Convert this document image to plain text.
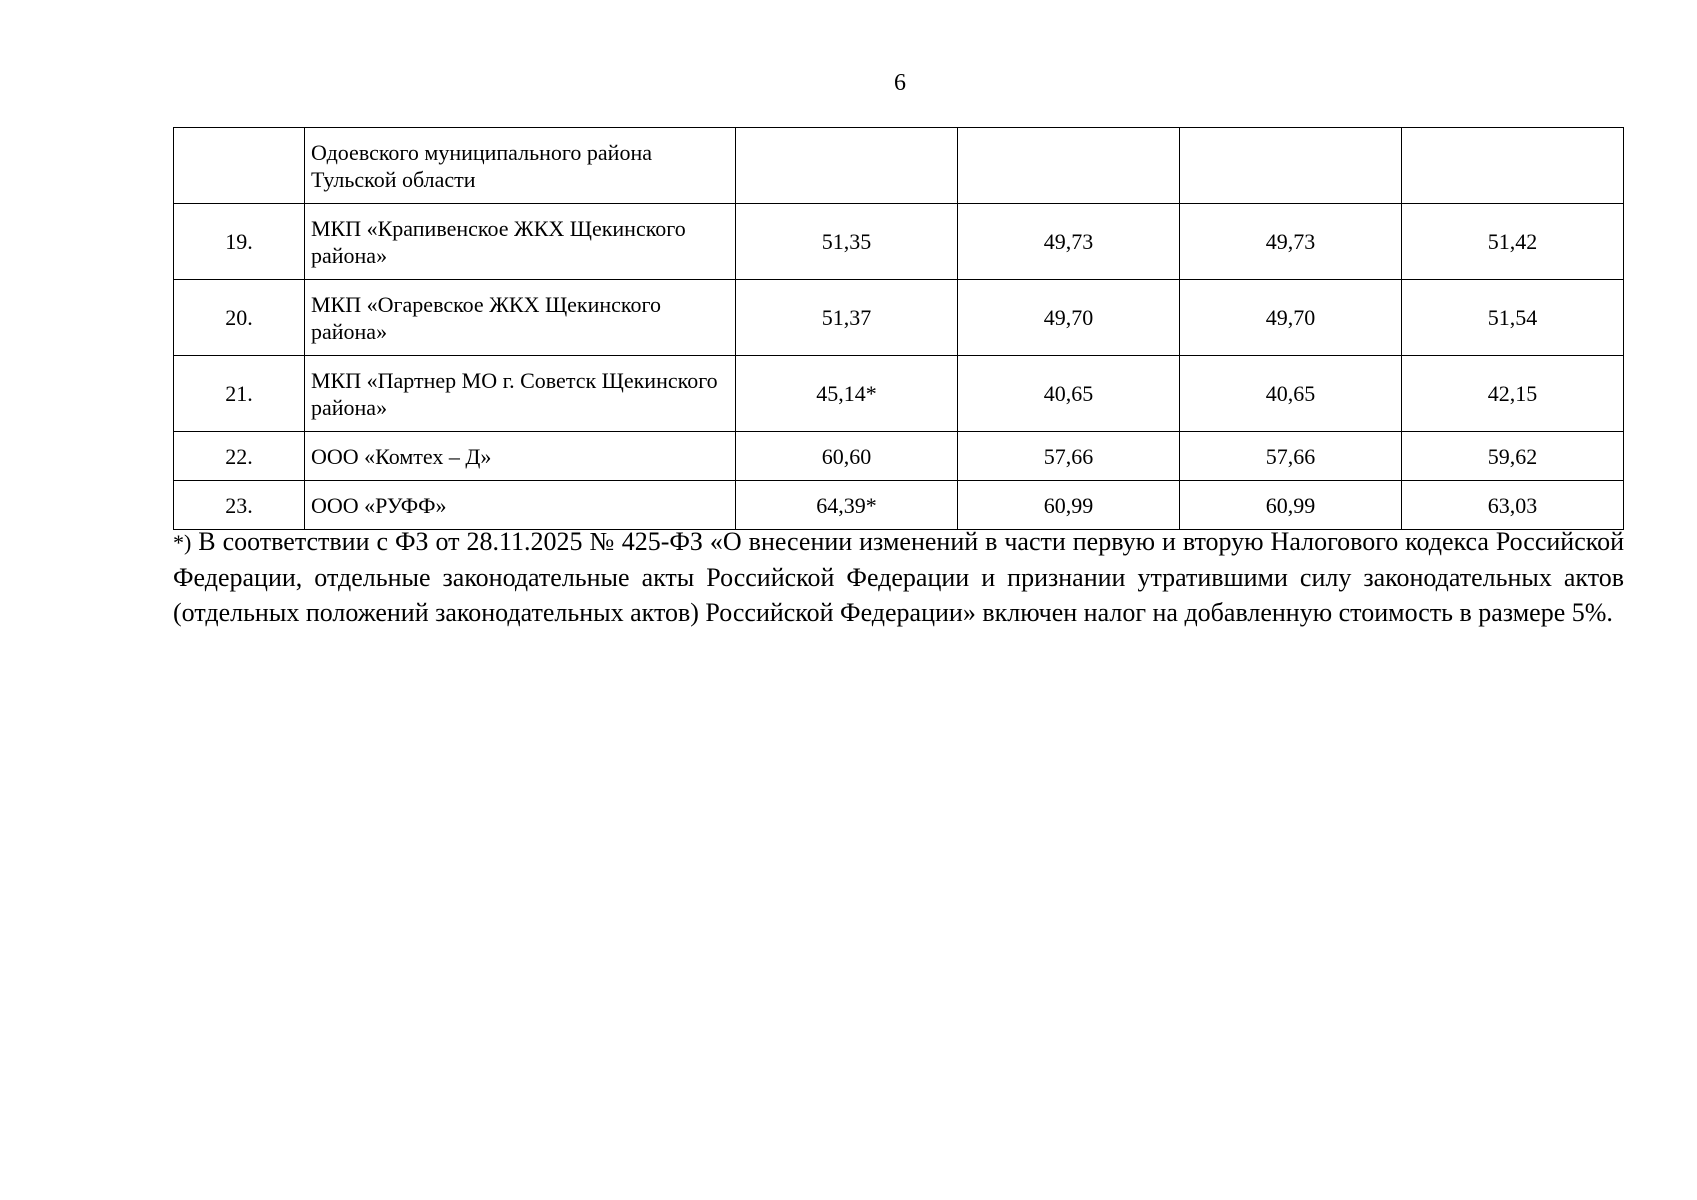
6
	Одоевского муниципального района Тульской области				
19.	МКП «Крапивенское ЖКХ Щекинского района»	51,35	49,73	49,73	51,42
20.	МКП «Огаревское ЖКХ Щекинского района»	51,37	49,70	49,70	51,54
21.	МКП «Партнер МО г. Советск Щекинского района»	45,14*	40,65	40,65	42,15
22.	ООО «Комтех – Д»	60,60	57,66	57,66	59,62
23.	ООО «РУФФ»	64,39*	60,99	60,99	63,03

*) В соответствии с ФЗ от 28.11.2025 № 425-ФЗ «О внесении изменений в части первую и вторую Налогового кодекса Российской Федерации, отдельные законодательные акты Российской Федерации и признании утратившими силу законодательных актов (отдельных положений законодательных актов) Российской Федерации» включен налог на добавленную стоимость в размере 5%.
